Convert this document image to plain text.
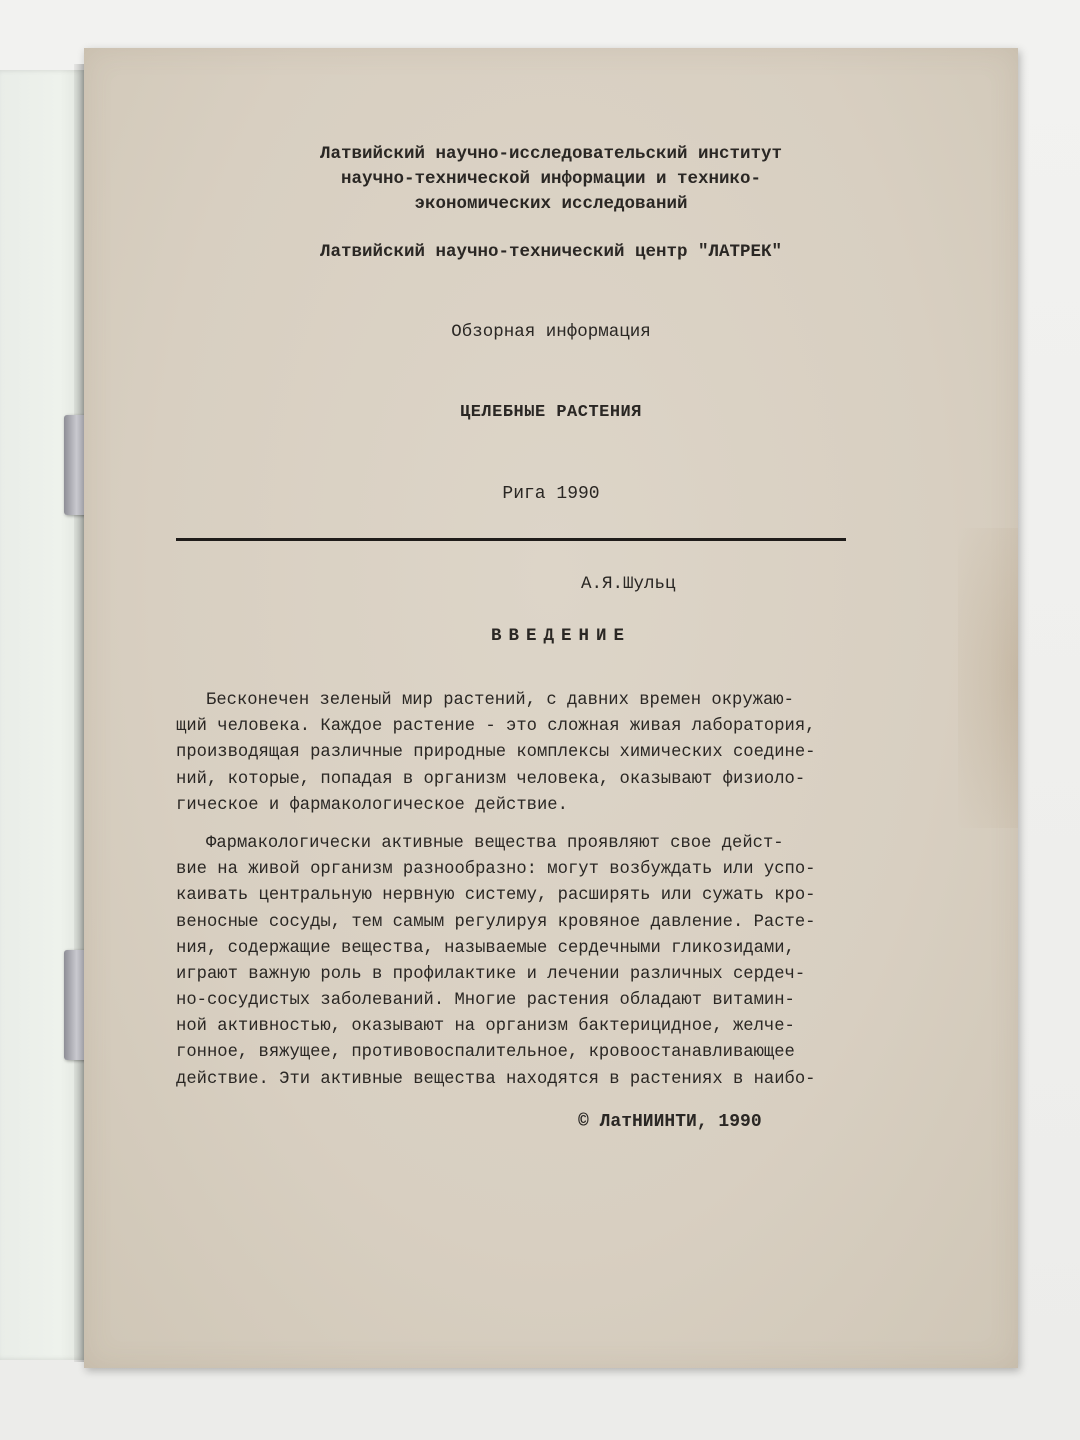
Латвийский научно-исследовательский институт
научно-технической информации и технико-
экономических исследований
Латвийский научно-технический центр "ЛАТРЕК"
Обзорная информация
ЦЕЛЕБНЫЕ РАСТЕНИЯ
Рига 1990
А.Я.Шульц
ВВЕДЕНИЕ
Бесконечен зеленый мир растений, с давних времен окружаю-
щий человека. Каждое растение - это сложная живая лаборатория,
производящая различные природные комплексы химических соедине-
ний, которые, попадая в организм человека, оказывают физиоло-
гическое и фармакологическое действие.
Фармакологически активные вещества проявляют свое дейст-
вие на живой организм разнообразно: могут возбуждать или успо-
каивать центральную нервную систему, расширять или сужать кро-
веносные сосуды, тем самым регулируя кровяное давление. Расте-
ния, содержащие вещества, называемые сердечными гликозидами,
играют важную роль в профилактике и лечении различных сердеч-
но-сосудистых заболеваний. Многие растения обладают витамин-
ной активностью, оказывают на организм бактерицидное, желче-
гонное, вяжущее, противовоспалительное, кровоостанавливающее
действие. Эти активные вещества находятся в растениях в наибо-
© ЛатНИИНТИ, 1990
